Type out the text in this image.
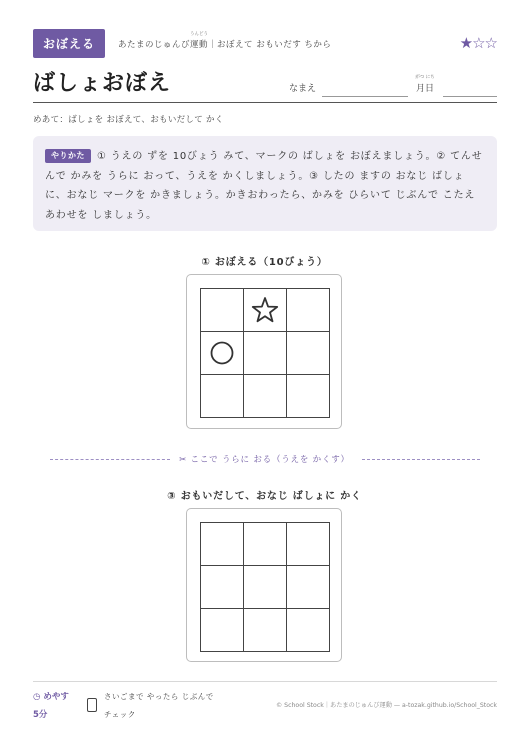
おぼえる	あたまのじゅんび
うんどう
運動｜おぼえて おもいだす ちから	★☆☆
ばしょおぼえ	なまえ
がつ にち
月日
めあて：ばしょを おぼえて、おもいだして かく
やりかた ① うえの ずを 10びょう みて、マークの ばしょを おぼえましょう。② てんせんで かみを うらに おって、うえを かくしましょう。③ したの ますの おなじ ばしょに、おなじ マークを かきましょう。かきおわったら、かみを ひらいて じぶんで こたえあわせを しましょう。
① おぼえる（10びょう）
✂ ここで うらに おる（うえを かくす）
③ おもいだして、おなじ ばしょに かく
◷ めやす
5分
さいごまで やったら じぶんで チェック
© School Stock｜あたまのじゅんび運動 — a-tozak.github.io/School_Stock
